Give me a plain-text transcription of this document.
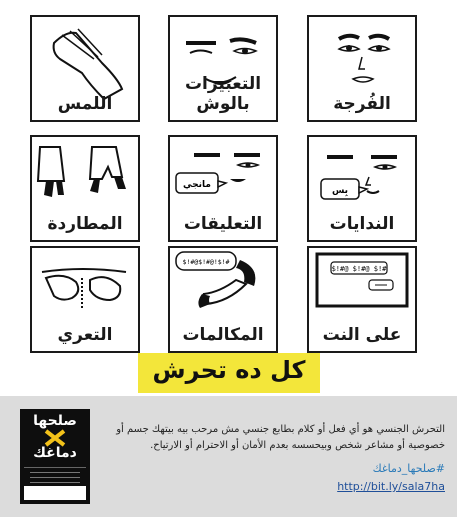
الفُرجة
التعبيرات بالوش
اللمس
بِس
الندايات
مانجي
التعليقات
المطاردة
$!#@ $!#@ $!#
على النت
$!#@$!#@!$!#
المكالمات
التعري
كل ده تحرش
صلحها
دماغك
التحرش الجنسي هو أي فعل أو كلام بطابع جنسي مش مرحب بيه بيتهك جسم أو خصوصية أو مشاعر شخص وبيحسسه بعدم الأمان أو الاحترام أو الارتياح.
#صلحها_دماغك
http://bit.ly/sala7ha
